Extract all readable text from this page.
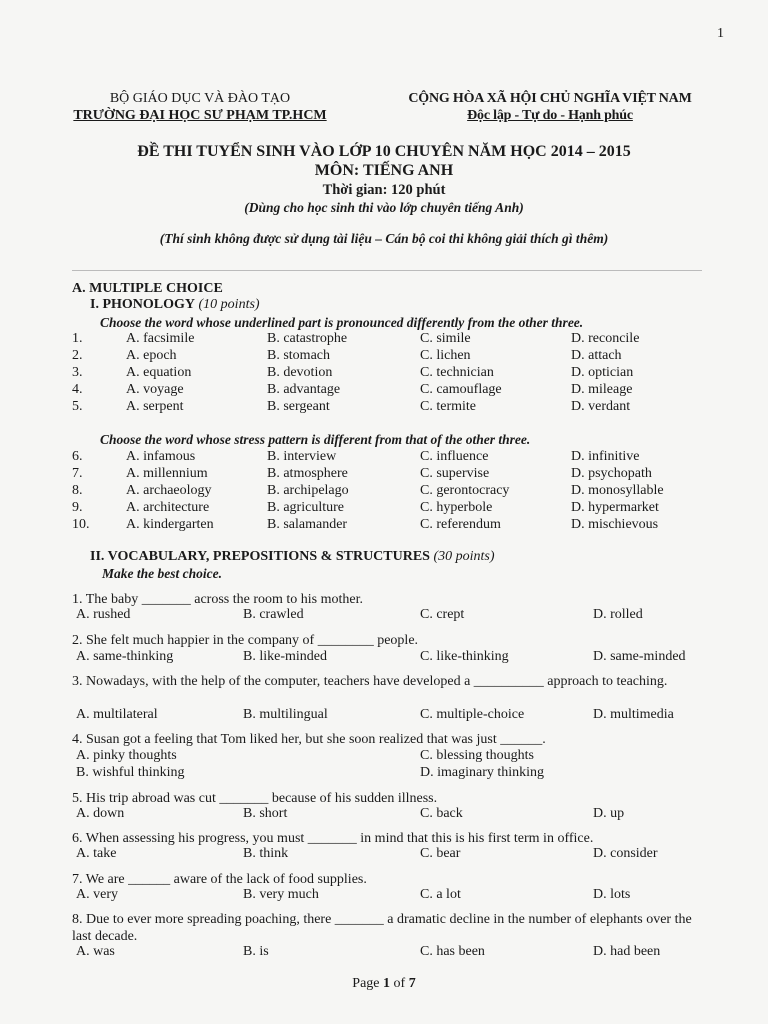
1
BỘ GIÁO DỤC VÀ ĐÀO TẠO
TRƯỜNG ĐẠI HỌC SƯ PHẠM TP.HCM
CỘNG HÒA XÃ HỘI CHỦ NGHĨA VIỆT NAM
Độc lập - Tự do - Hạnh phúc
ĐỀ THI TUYỂN SINH VÀO LỚP 10 CHUYÊN NĂM HỌC 2014 – 2015
MÔN: TIẾNG ANH
Thời gian: 120 phút
(Dùng cho học sinh thi vào lớp chuyên tiếng Anh)
(Thí sinh không được sử dụng tài liệu – Cán bộ coi thi không giải thích gì thêm)
A. MULTIPLE CHOICE
I. PHONOLOGY (10 points)
Choose the word whose underlined part is pronounced differently from the other three.
1.	A. facsimile	B. catastrophe	C. simile	D. reconcile
2.	A. epoch	B. stomach	C. lichen	D. attach
3.	A. equation	B. devotion	C. technician	D. optician
4.	A. voyage	B. advantage	C. camouflage	D. mileage
5.	A. serpent	B. sergeant	C. termite	D. verdant
Choose the word whose stress pattern is different from that of the other three.
6.	A. infamous	B. interview	C. influence	D. infinitive
7.	A. millennium	B. atmosphere	C. supervise	D. psychopath
8.	A. archaeology	B. archipelago	C. gerontocracy	D. monosyllable
9.	A. architecture	B. agriculture	C. hyperbole	D. hypermarket
10.	A. kindergarten	B. salamander	C. referendum	D. mischievous
II. VOCABULARY, PREPOSITIONS & STRUCTURES (30 points)
Make the best choice.
1. The baby _______ across the room to his mother.
A. rushed	B. crawled	C. crept	D. rolled
2. She felt much happier in the company of ________ people.
A. same-thinking	B. like-minded	C. like-thinking	D. same-minded
3. Nowadays, with the help of the computer, teachers have developed a __________ approach to teaching.
A. multilateral	B. multilingual	C. multiple-choice	D. multimedia
4. Susan got a feeling that Tom liked her, but she soon realized that was just ______.
A. pinky thoughts	C. blessing thoughts
B. wishful thinking	D. imaginary thinking
5. His trip abroad was cut _______ because of his sudden illness.
A. down	B. short	C. back	D. up
6. When assessing his progress, you must _______ in mind that this is his first term in office.
A. take	B. think	C. bear	D. consider
7. We are ______ aware of the lack of food supplies.
A. very	B. very much	C. a lot	D. lots
8. Due to ever more spreading poaching, there _______ a dramatic decline in the number of elephants over the last decade.
A. was	B. is	C. has been	D. had been
Page 1 of 7
